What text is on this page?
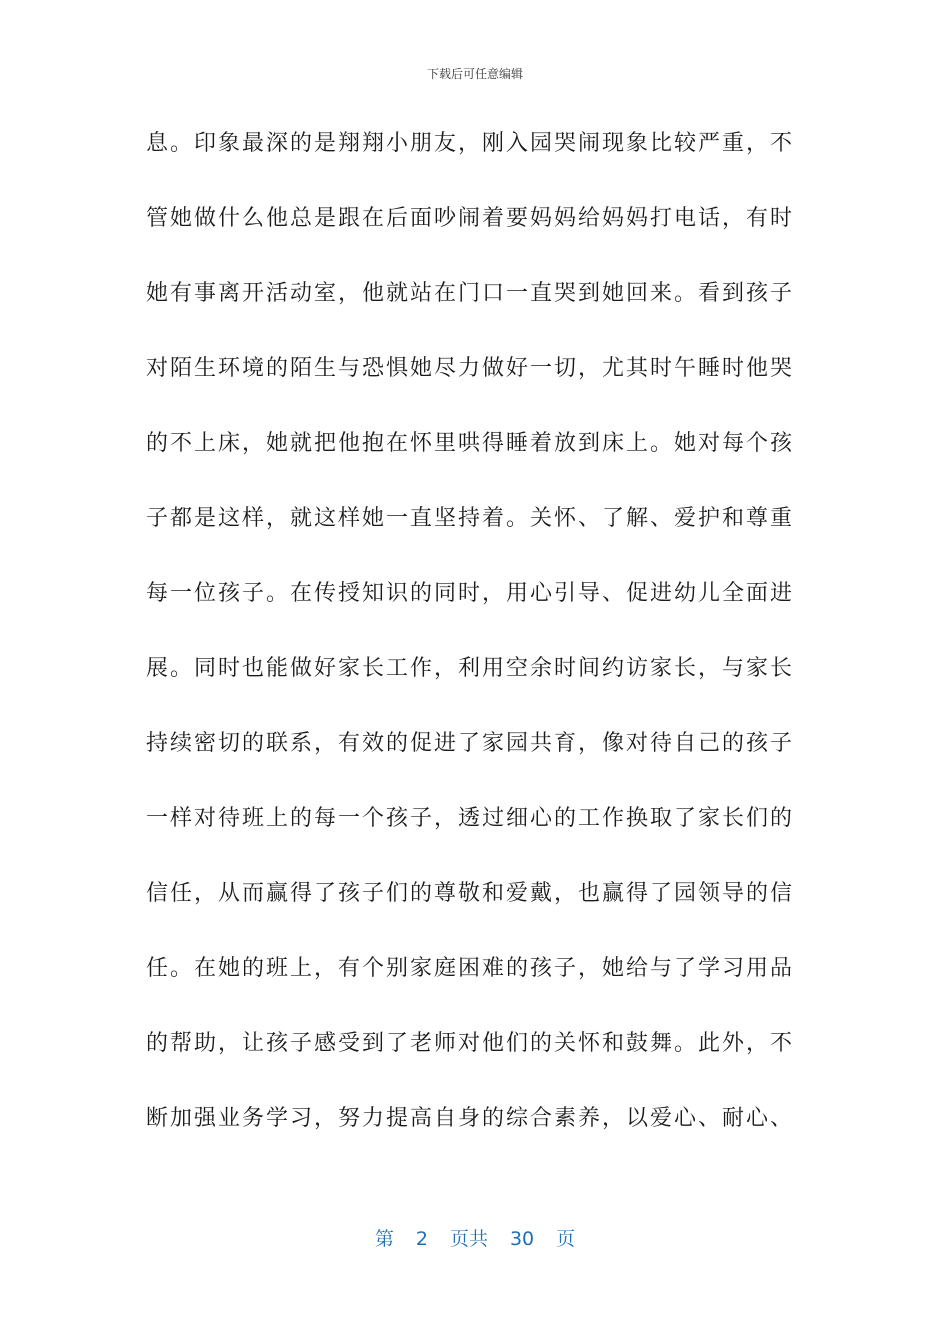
下载后可任意编辑
息。印象最深的是翔翔小朋友，刚入园哭闹现象比较严重，不
管她做什么他总是跟在后面吵闹着要妈妈给妈妈打电话，有时
她有事离开活动室，他就站在门口一直哭到她回来。看到孩子
对陌生环境的陌生与恐惧她尽力做好一切，尤其时午睡时他哭
的不上床，她就把他抱在怀里哄得睡着放到床上。她对每个孩
子都是这样，就这样她一直坚持着。关怀、了解、爱护和尊重
每一位孩子。在传授知识的同时，用心引导、促进幼儿全面进
展。同时也能做好家长工作，利用空余时间约访家长，与家长
持续密切的联系，有效的促进了家园共育，像对待自己的孩子
一样对待班上的每一个孩子，透过细心的工作换取了家长们的
信任，从而赢得了孩子们的尊敬和爱戴，也赢得了园领导的信
任。在她的班上，有个别家庭困难的孩子，她给与了学习用品
的帮助，让孩子感受到了老师对他们的关怀和鼓舞。此外，不
断加强业务学习，努力提高自身的综合素养，以爱心、耐心、
第 2 页共 30 页
